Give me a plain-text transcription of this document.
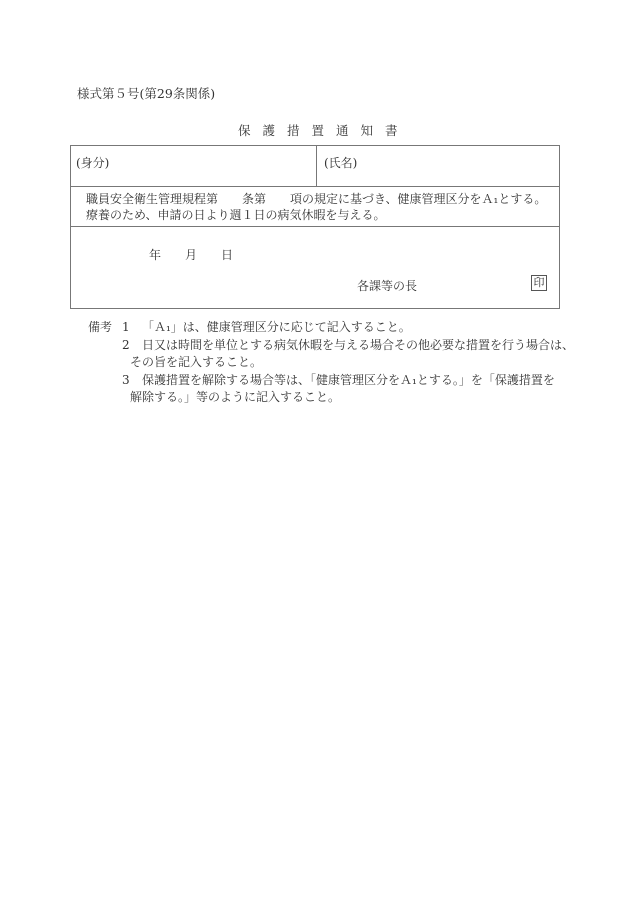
様式第５号(第29条関係)
保護措置通知書
(身分)	(氏名)
職員安全衛生管理規程第　　条第　　項の規定に基づき、健康管理区分をＡ₁とする。
療養のため、申請の日より週１日の病気休暇を与える。
年 月 日
各課等の長	印
備考 1 「Ａ₁」は、健康管理区分に応じて記入すること。
2 日又は時間を単位とする病気休暇を与える場合その他必要な措置を行う場合は、
その旨を記入すること。
3 保護措置を解除する場合等は、「健康管理区分をＡ₁とする。」を「保護措置を
解除する。」等のように記入すること。
